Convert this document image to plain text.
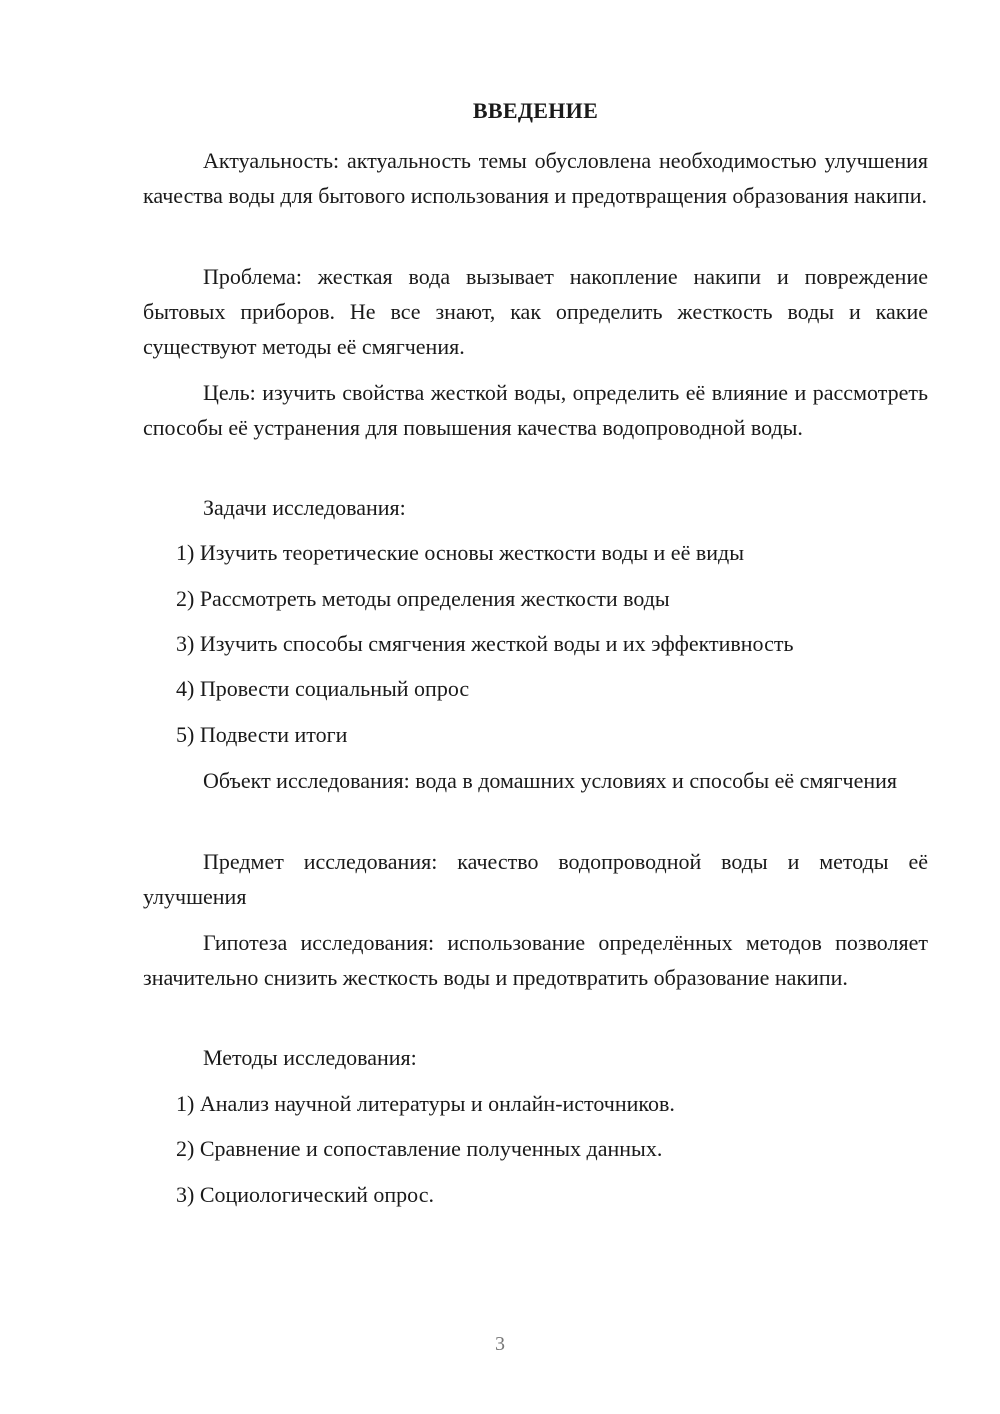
ВВЕДЕНИЕ

Актуальность: актуальность темы обусловлена необходимостью улучшения качества воды для бытового использования и предотвращения образования накипи.

Проблема: жесткая вода вызывает накопление накипи и повреждение бытовых приборов. Не все знают, как определить жесткость воды и какие существуют методы её смягчения.

Цель: изучить свойства жесткой воды, определить её влияние и рассмотреть способы её устранения для повышения качества водопроводной воды.

Задачи исследования:

1) Изучить теоретические основы жесткости воды и её виды

2) Рассмотреть методы определения жесткости воды

3) Изучить способы смягчения жесткой воды и их эффективность

4) Провести социальный опрос

5) Подвести итоги

Объект исследования: вода в домашних условиях и способы её смягчения

Предмет исследования: качество водопроводной воды и методы её улучшения

Гипотеза исследования: использование определённых методов позволяет значительно снизить жесткость воды и предотвратить образование накипи.

Методы исследования:

1) Анализ научной литературы и онлайн-источников.

2) Сравнение и сопоставление полученных данных.

3) Социологический опрос.

3
